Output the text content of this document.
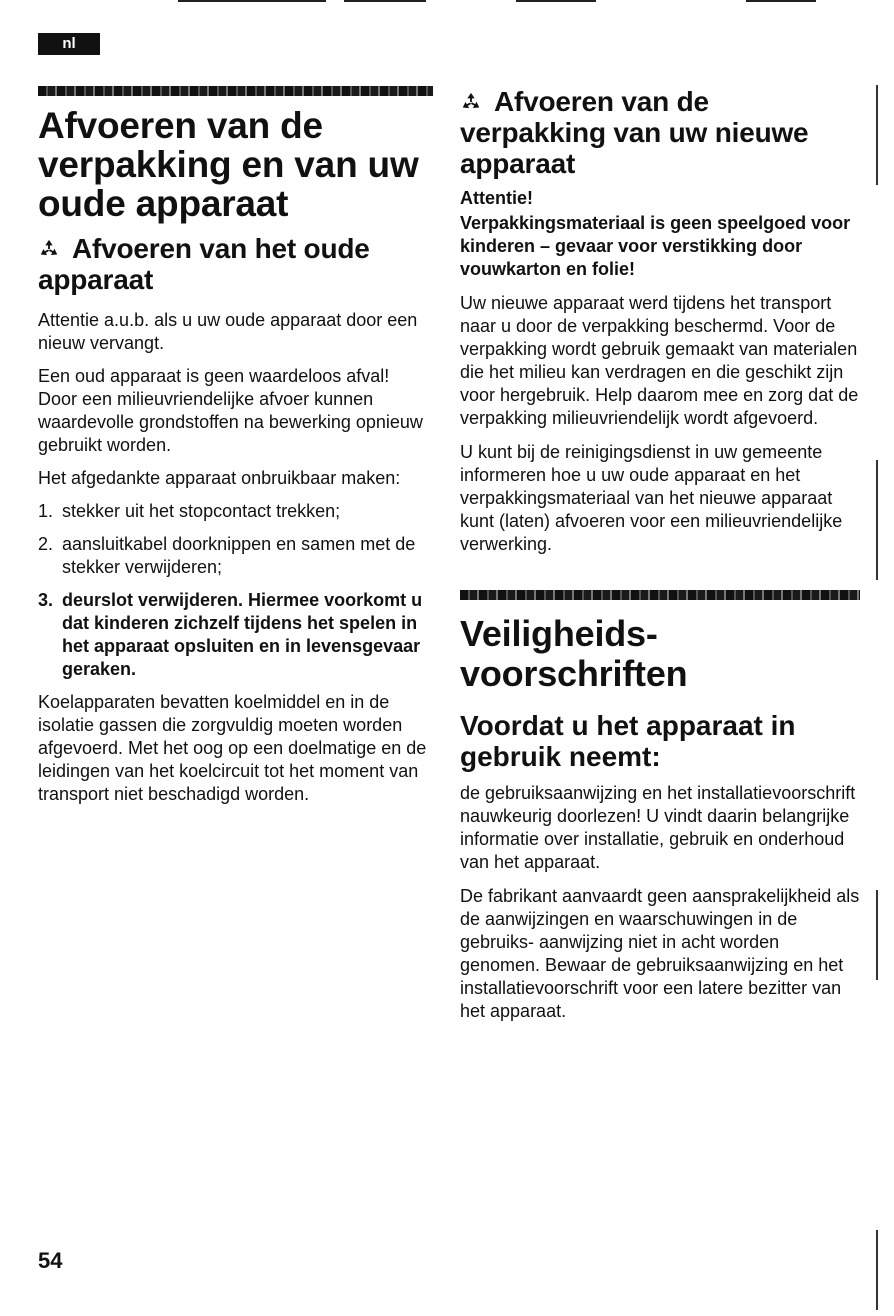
nl
Afvoeren van de verpakking en van uw oude apparaat
Afvoeren van het oude apparaat

Attentie a.u.b. als u uw oude apparaat door een nieuw vervangt.

Een oud apparaat is geen waardeloos afval! Door een milieuvriendelijke afvoer kunnen waardevolle grondstoffen na bewerking opnieuw gebruikt worden.

Het afgedankte apparaat onbruikbaar maken:

1. stekker uit het stopcontact trekken;
2. aansluitkabel doorknippen en samen met de stekker verwijderen;
3. deurslot verwijderen. Hiermee voorkomt u dat kinderen zichzelf tijdens het spelen in het apparaat opsluiten en in levensgevaar geraken.

Koelapparaten bevatten koelmiddel en in de isolatie gassen die zorgvuldig moeten worden afgevoerd. Met het oog op een doelmatige en de leidingen van het koelcircuit tot het moment van transport niet beschadigd worden.

Afvoeren van de verpakking van uw nieuwe apparaat
Attentie!

Verpakkingsmateriaal is geen speelgoed voor kinderen – gevaar voor verstikking door vouwkarton en folie!

Uw nieuwe apparaat werd tijdens het transport naar u door de verpakking beschermd. Voor de verpakking wordt gebruik gemaakt van materialen die het milieu kan verdragen en die geschikt zijn voor hergebruik. Help daarom mee en zorg dat de verpakking milieuvriendelijk wordt afgevoerd.

U kunt bij de reinigingsdienst in uw gemeente informeren hoe u uw oude apparaat en het verpakkingsmateriaal van het nieuwe apparaat kunt (laten) afvoeren voor een milieuvriendelijke verwerking.

Veiligheids-voorschriften
Voordat u het apparaat in gebruik neemt:

de gebruiksaanwijzing en het installatievoorschrift nauwkeurig doorlezen! U vindt daarin belangrijke informatie over installatie, gebruik en onderhoud van het apparaat.

De fabrikant aanvaardt geen aansprakelijkheid als de aanwijzingen en waarschuwingen in de gebruiks- aanwijzing niet in acht worden genomen. Bewaar de gebruiksaanwijzing en het installatievoorschrift voor een latere bezitter van het apparaat.

54
